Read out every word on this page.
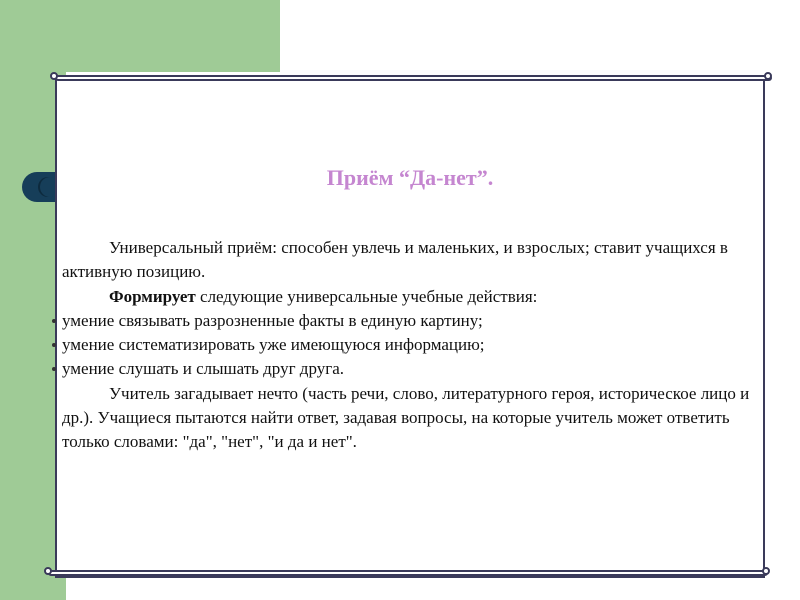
Приём “Да-нет”.

Универсальный приём: способен увлечь и маленьких, и взрослых; ставит учащихся в активную позицию.

Формирует следующие универсальные учебные действия:

умение связывать разрозненные факты в единую картину;
умение систематизировать уже имеющуюся информацию;
умение слушать и слышать друг друга.

Учитель загадывает нечто (часть речи, слово, литературного героя, историческое лицо и др.). Учащиеся пытаются найти ответ, задавая вопросы, на которые учитель может ответить только словами: "да", "нет", "и да и нет".
